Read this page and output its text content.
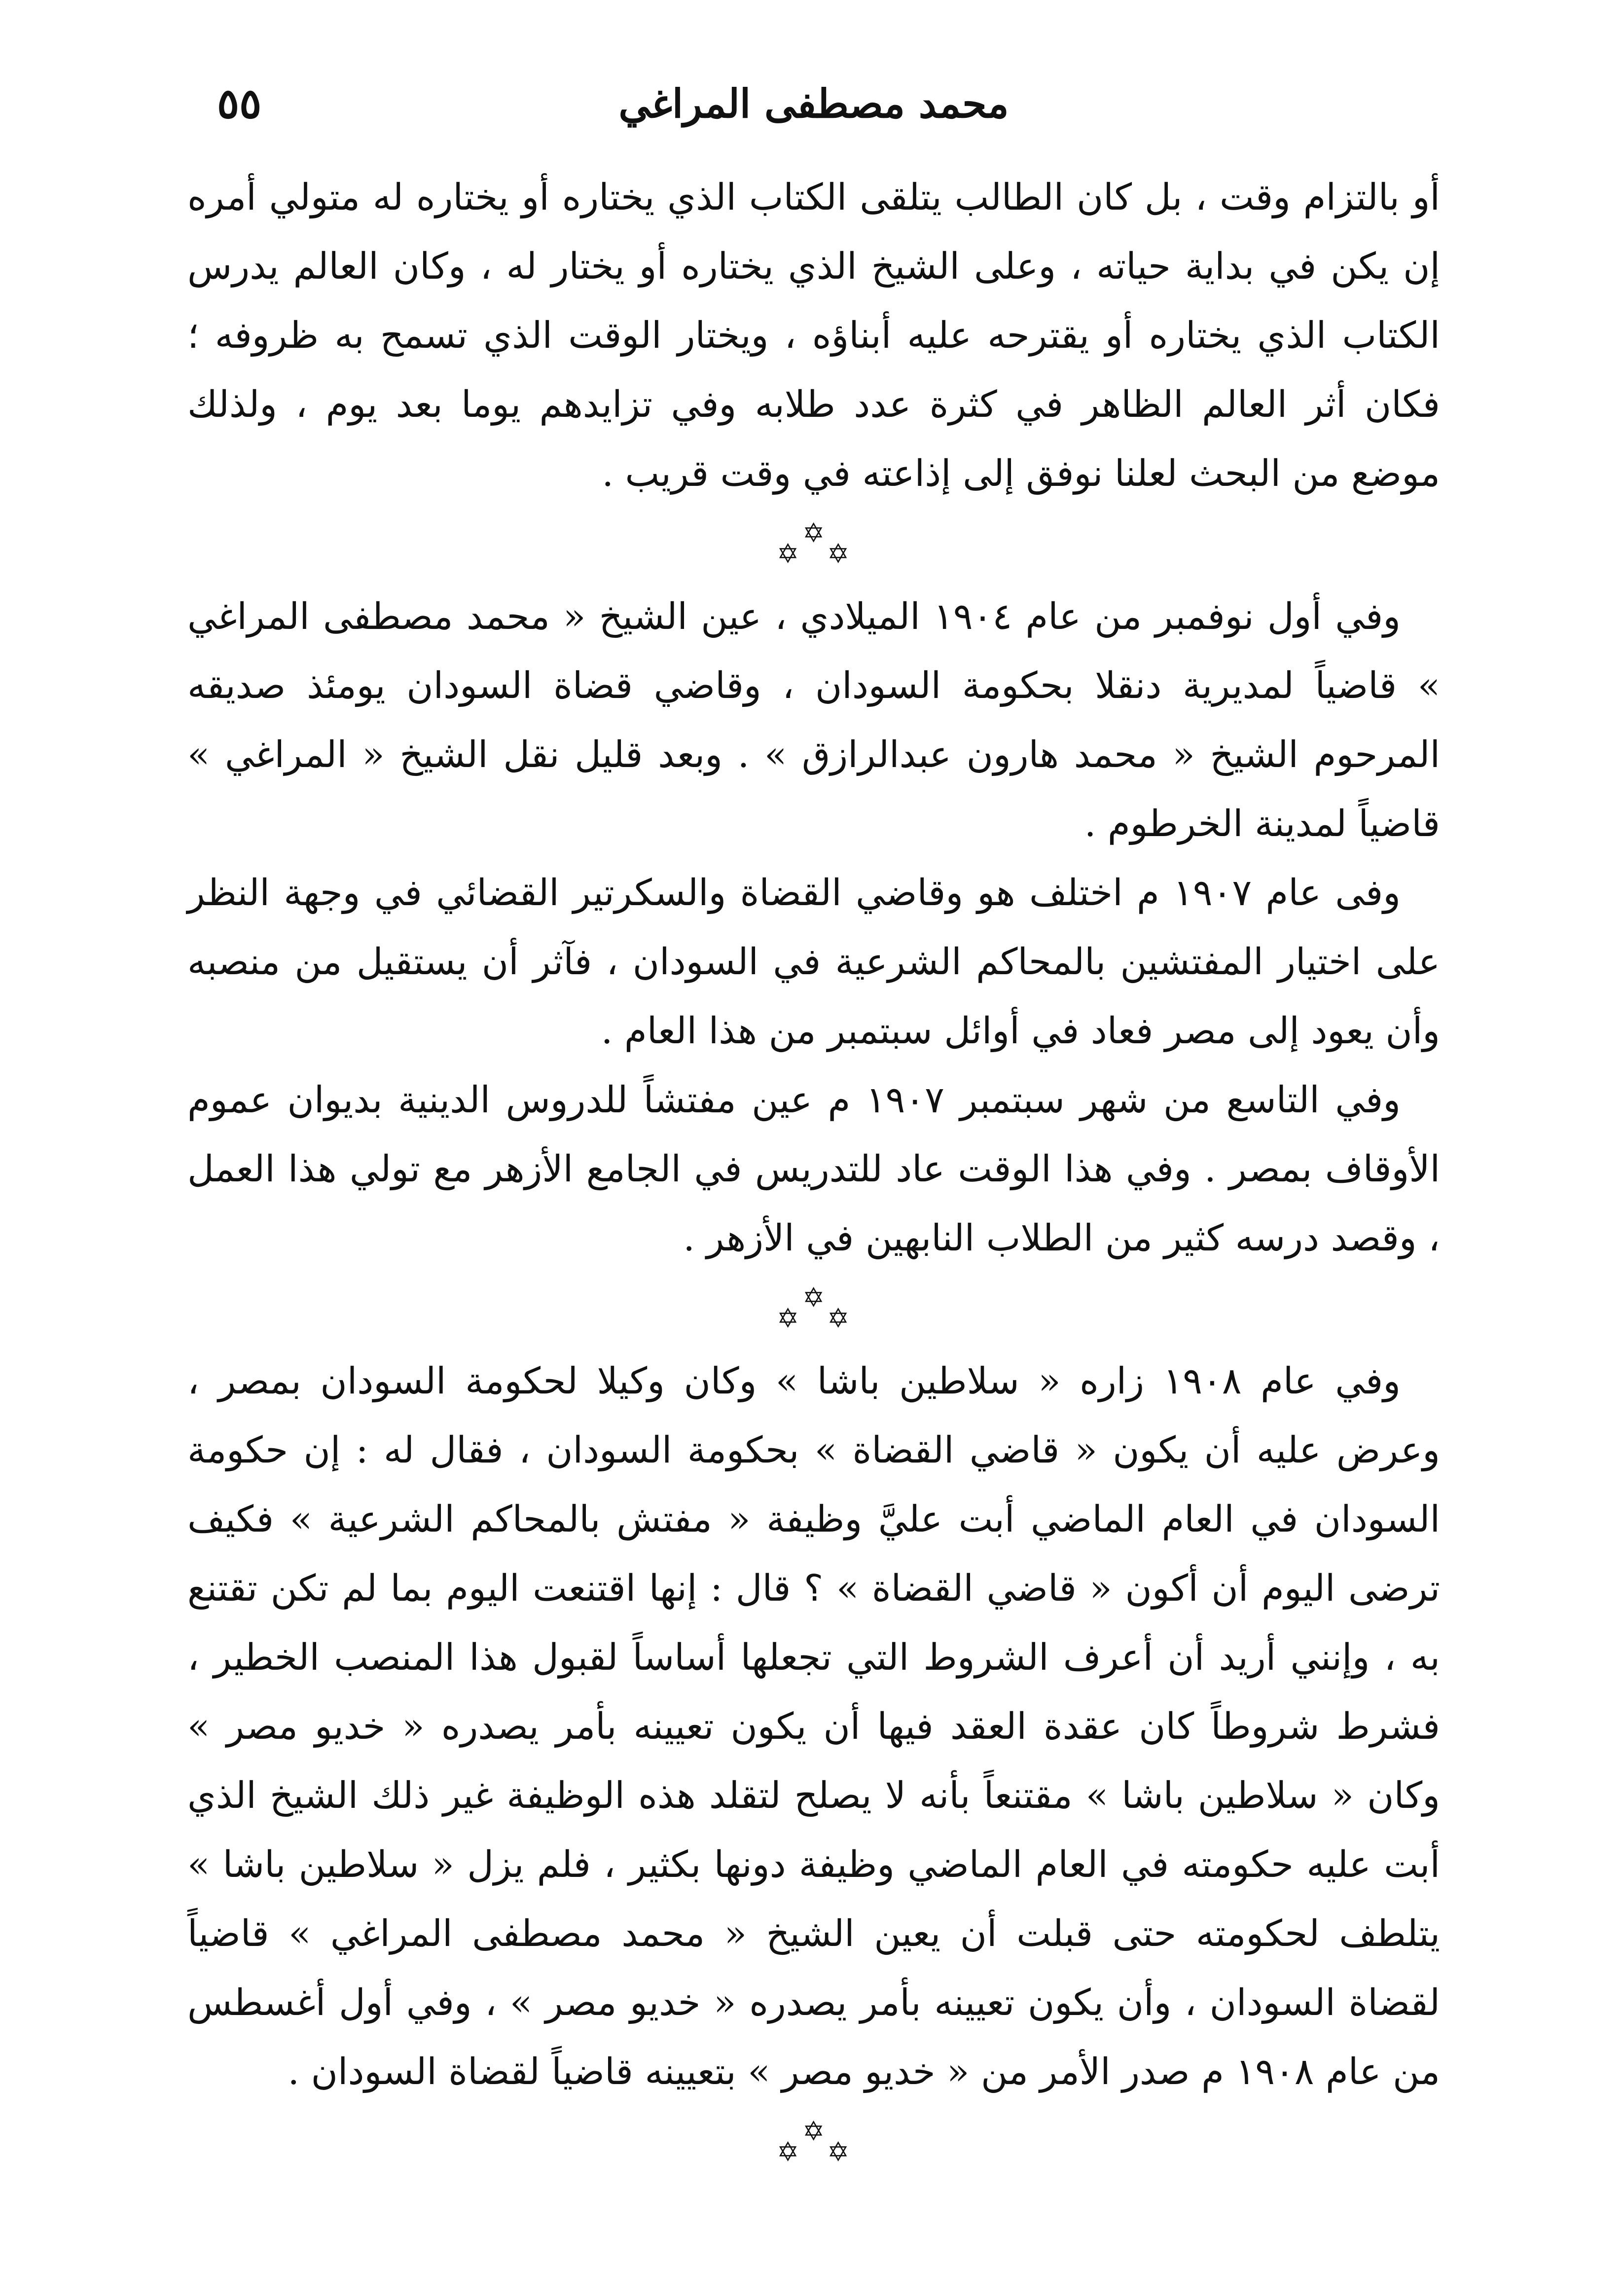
محمد مصطفى المراغي
٥٥

أو بالتزام وقت ، بل كان الطالب يتلقى الكتاب الذي يختاره أو يختاره له متولي أمره إن يكن في بداية حياته ، وعلى الشيخ الذي يختاره أو يختار له ، وكان العالم يدرس الكتاب الذي يختاره أو يقترحه عليه أبناؤه ، ويختار الوقت الذي تسمح به ظروفه ؛ فكان أثر العالم الظاهر في كثرة عدد طلابه وفي تزايدهم يوما بعد يوم ، ولذلك موضع من البحث لعلنا نوفق إلى إذاعته في وقت قريب .

✡
✡ ✡

وفي أول نوفمبر من عام ١٩٠٤ الميلادي ، عين الشيخ « محمد مصطفى المراغي » قاضياً لمديرية دنقلا بحكومة السودان ، وقاضي قضاة السودان يومئذ صديقه المرحوم الشيخ « محمد هارون عبدالرازق » . وبعد قليل نقل الشيخ « المراغي » قاضياً لمدينة الخرطوم .

وفى عام ١٩٠٧ م اختلف هو وقاضي القضاة والسكرتير القضائي في وجهة النظر على اختيار المفتشين بالمحاكم الشرعية في السودان ، فآثر أن يستقيل من منصبه وأن يعود إلى مصر فعاد في أوائل سبتمبر من هذا العام .

وفي التاسع من شهر سبتمبر ١٩٠٧ م عين مفتشاً للدروس الدينية بديوان عموم الأوقاف بمصر . وفي هذا الوقت عاد للتدريس في الجامع الأزهر مع تولي هذا العمل ، وقصد درسه كثير من الطلاب النابهين في الأزهر .

✡
✡ ✡

وفي عام ١٩٠٨ زاره « سلاطين باشا » وكان وكيلا لحكومة السودان بمصر ، وعرض عليه أن يكون « قاضي القضاة » بحكومة السودان ، فقال له : إن حكومة السودان في العام الماضي أبت عليَّ وظيفة « مفتش بالمحاكم الشرعية » فكيف ترضى اليوم أن أكون « قاضي القضاة » ؟ قال : إنها اقتنعت اليوم بما لم تكن تقتنع به ، وإنني أريد أن أعرف الشروط التي تجعلها أساساً لقبول هذا المنصب الخطير ، فشرط شروطاً كان عقدة العقد فيها أن يكون تعيينه بأمر يصدره « خديو مصر » وكان « سلاطين باشا » مقتنعاً بأنه لا يصلح لتقلد هذه الوظيفة غير ذلك الشيخ الذي أبت عليه حكومته في العام الماضي وظيفة دونها بكثير ، فلم يزل « سلاطين باشا » يتلطف لحكومته حتى قبلت أن يعين الشيخ « محمد مصطفى المراغي » قاضياً لقضاة السودان ، وأن يكون تعيينه بأمر يصدره « خديو مصر » ، وفي أول أغسطس من عام ١٩٠٨ م صدر الأمر من « خديو مصر » بتعيينه قاضياً لقضاة السودان .

✡
✡ ✡
